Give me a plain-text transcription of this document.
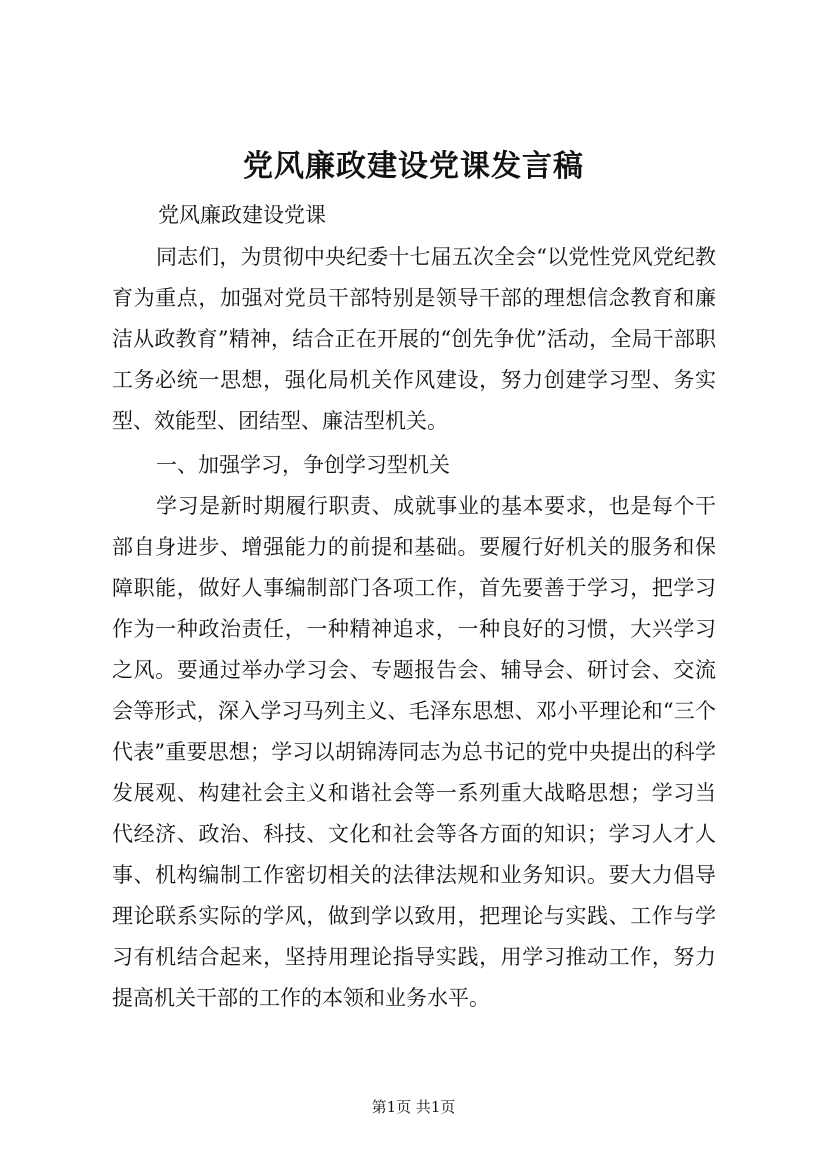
党风廉政建设党课发言稿
党风廉政建设党课

同志们，为贯彻中央纪委十七届五次全会“以党性党风党纪教育为重点，加强对党员干部特别是领导干部的理想信念教育和廉洁从政教育”精神，结合正在开展的“创先争优”活动，全局干部职工务必统一思想，强化局机关作风建设，努力创建学习型、务实型、效能型、团结型、廉洁型机关。

一、加强学习，争创学习型机关

学习是新时期履行职责、成就事业的基本要求，也是每个干部自身进步、增强能力的前提和基础。要履行好机关的服务和保障职能，做好人事编制部门各项工作，首先要善于学习，把学习作为一种政治责任，一种精神追求，一种良好的习惯，大兴学习之风。要通过举办学习会、专题报告会、辅导会、研讨会、交流会等形式，深入学习马列主义、毛泽东思想、邓小平理论和“三个代表”重要思想；学习以胡锦涛同志为总书记的党中央提出的科学发展观、构建社会主义和谐社会等一系列重大战略思想；学习当代经济、政治、科技、文化和社会等各方面的知识；学习人才人事、机构编制工作密切相关的法律法规和业务知识。要大力倡导理论联系实际的学风，做到学以致用，把理论与实践、工作与学习有机结合起来，坚持用理论指导实践，用学习推动工作，努力提高机关干部的工作的本领和业务水平。

第1页 共1页
